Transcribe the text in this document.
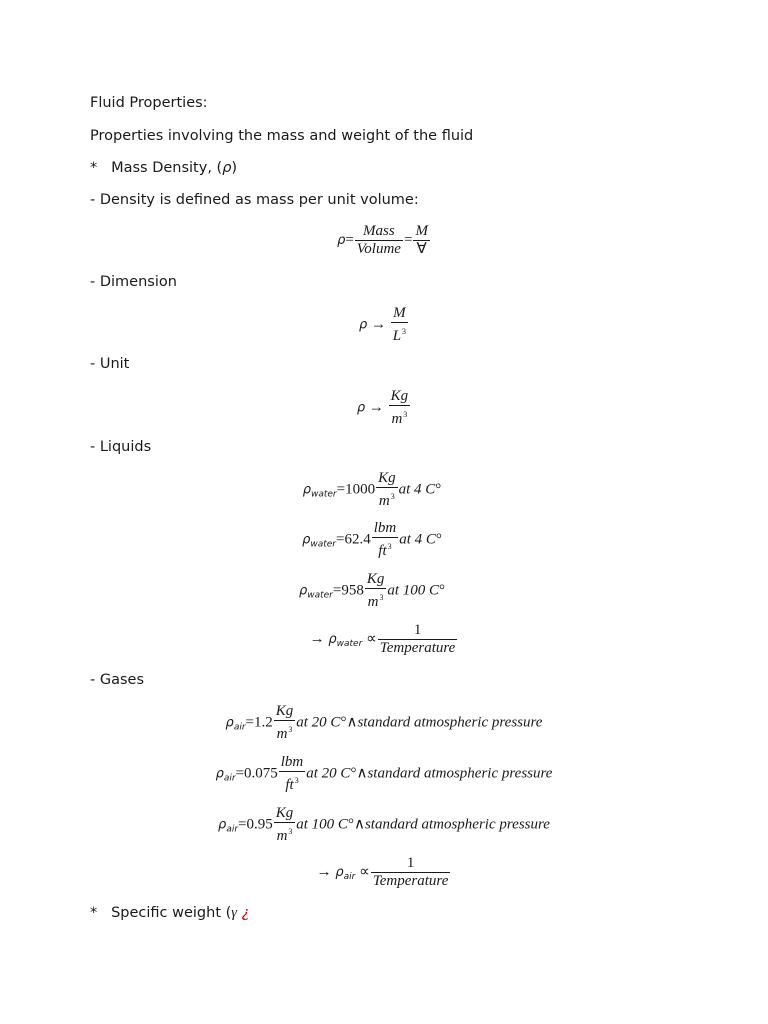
Fluid Properties:
Properties involving the mass and weight of the fluid
* Mass Density, (ρ)
- Density is defined as mass per unit volume:
$\rho= \frac{\text{Mass}}{\text{Volume}} = \frac{M}{\forall}$
- Dimension
$\rho \to \frac{M}{L^3}$
- Unit
$\rho \to \frac{Kg}{m^3}$
- Liquids
$\rho_{water}=1000 \frac{Kg}{m^3}$ at 4 C°
$\rho_{water}=62.4 \frac{\text{lbm}}{ft^3}$ at 4 C°
$\rho_{water}=958 \frac{Kg}{m^3}$ at 100 C°
→ $\rho_{water} \propto \frac{1}{\text{Temperature}}$
- Gases
$\rho_{air}=1.2 \frac{Kg}{m^3}$ at 20 C°∧standard atmospheric pressure
$\rho_{air}=0.075 \frac{\text{lbm}}{ft^3}$ at 20 C°∧standard atmospheric pressure
$\rho_{air}=0.95 \frac{Kg}{m^3}$ at 100 C°∧standard atmospheric pressure
→ $\rho_{air} \propto \frac{1}{\text{Temperature}}$
* Specific weight (γ ¿
